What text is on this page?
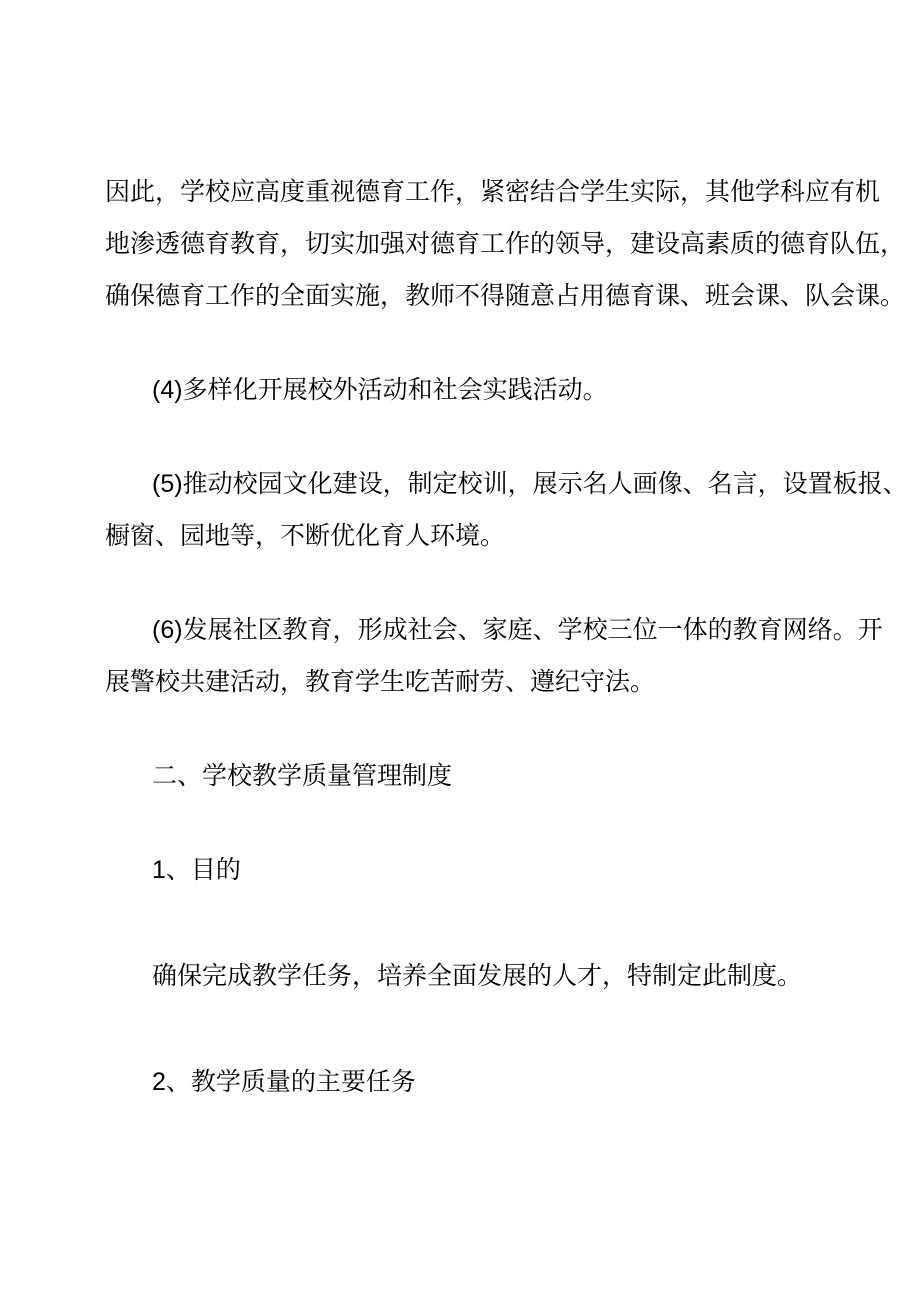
因此，学校应高度重视德育工作，紧密结合学生实际，其他学科应有机
地渗透德育教育，切实加强对德育工作的领导，建设高素质的德育队伍，
确保德育工作的全面实施，教师不得随意占用德育课、班会课、队会课。
(4)多样化开展校外活动和社会实践活动。
(5)推动校园文化建设，制定校训，展示名人画像、名言，设置板报、
橱窗、园地等，不断优化育人环境。
(6)发展社区教育，形成社会、家庭、学校三位一体的教育网络。开
展警校共建活动，教育学生吃苦耐劳、遵纪守法。
二、学校教学质量管理制度
1、目的
确保完成教学任务，培养全面发展的人才，特制定此制度。
2、教学质量的主要任务
